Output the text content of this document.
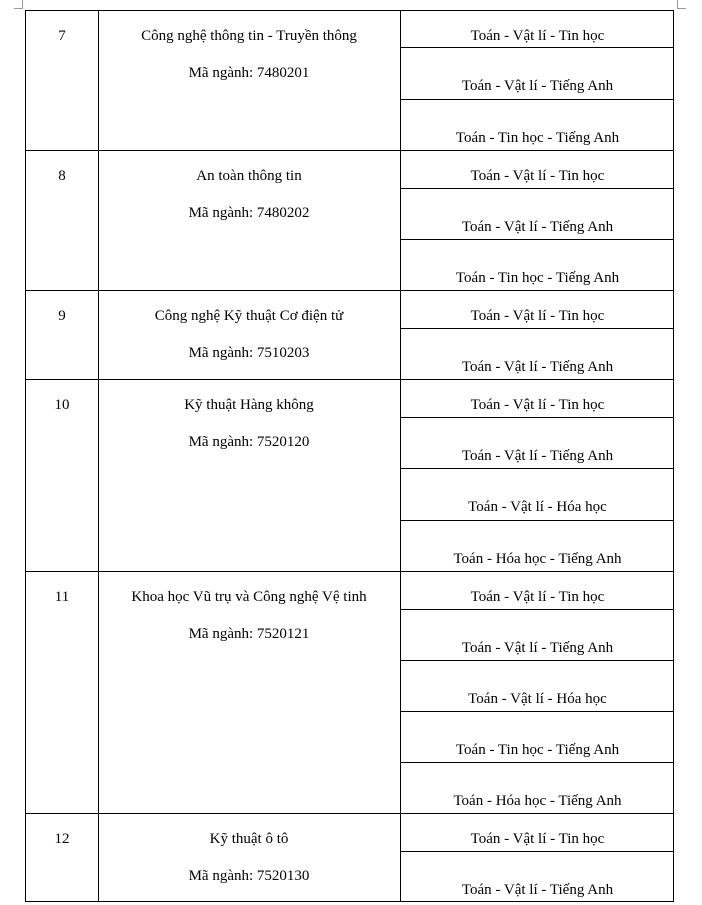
7	Công nghệ thông tin - Truyền thông
Mã ngành: 7480201
Toán - Vật lí - Tin học
Toán - Vật lí - Tiếng Anh
Toán - Tin học - Tiếng Anh
8	An toàn thông tin
Mã ngành: 7480202
Toán - Vật lí - Tin học
Toán - Vật lí - Tiếng Anh
Toán - Tin học - Tiếng Anh
9	Công nghệ Kỹ thuật Cơ điện tử
Mã ngành: 7510203
Toán - Vật lí - Tin học
Toán - Vật lí - Tiếng Anh
10	Kỹ thuật Hàng không
Mã ngành: 7520120
Toán - Vật lí - Tin học
Toán - Vật lí - Tiếng Anh
Toán - Vật lí - Hóa học
Toán - Hóa học - Tiếng Anh
11	Khoa học Vũ trụ và Công nghệ Vệ tinh
Mã ngành: 7520121
Toán - Vật lí - Tin học
Toán - Vật lí - Tiếng Anh
Toán - Vật lí - Hóa học
Toán - Tin học - Tiếng Anh
Toán - Hóa học - Tiếng Anh
12	Kỹ thuật ô tô
Mã ngành: 7520130
Toán - Vật lí - Tin học
Toán - Vật lí - Tiếng Anh
